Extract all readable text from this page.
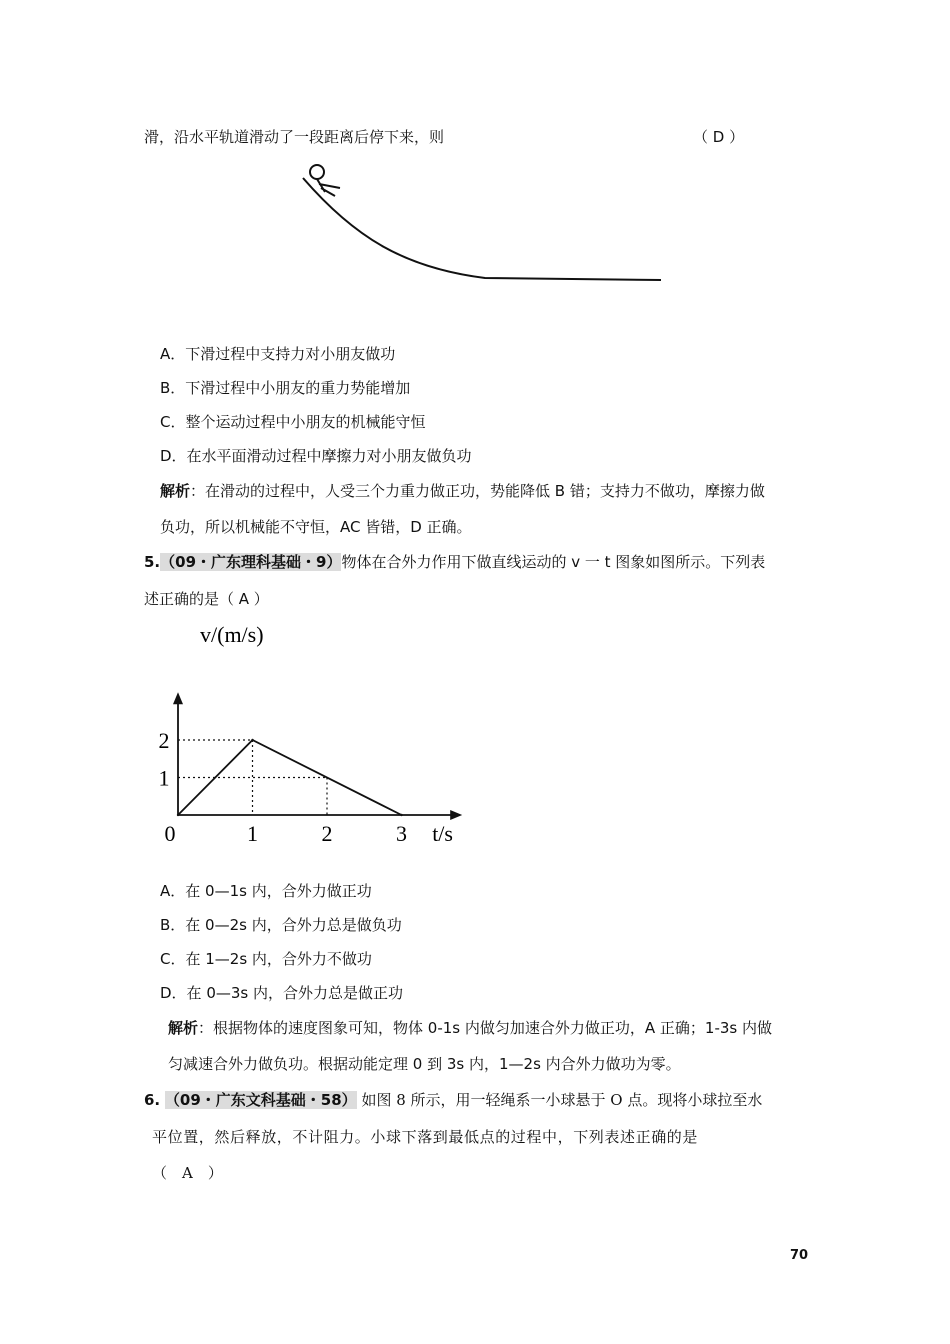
滑，沿水平轨道滑动了一段距离后停下来，则	（ D ）
A．下滑过程中支持力对小朋友做功
B．下滑过程中小朋友的重力势能增加
C．整个运动过程中小朋友的机械能守恒
D．在水平面滑动过程中摩擦力对小朋友做负功
解析：在滑动的过程中，人受三个力重力做正功，势能降低 B 错；支持力不做功，摩擦力做
负功，所以机械能不守恒，AC 皆错，D 正确。
5.（09・广东理科基础・9）物体在合外力作用下做直线运动的 v 一 t 图象如图所示。下列表
述正确的是（ A ）
0	1	2	3
1
2
v/(m/s)
t/s
A．在 0—1s 内，合外力做正功
B．在 0—2s 内，合外力总是做负功
C．在 1—2s 内，合外力不做功
D．在 0—3s 内，合外力总是做正功
解析：根据物体的速度图象可知，物体 0-1s 内做匀加速合外力做正功，A 正确；1-3s 内做
匀减速合外力做负功。根据动能定理 0 到 3s 内，1—2s 内合外力做功为零。
6. （09・广东文科基础・58） 如图 8 所示，用一轻绳系一小球悬于 O 点。现将小球拉至水
平位置，然后释放，不计阻力。小球下落到最低点的过程中，下列表述正确的是
（　A　）
70
